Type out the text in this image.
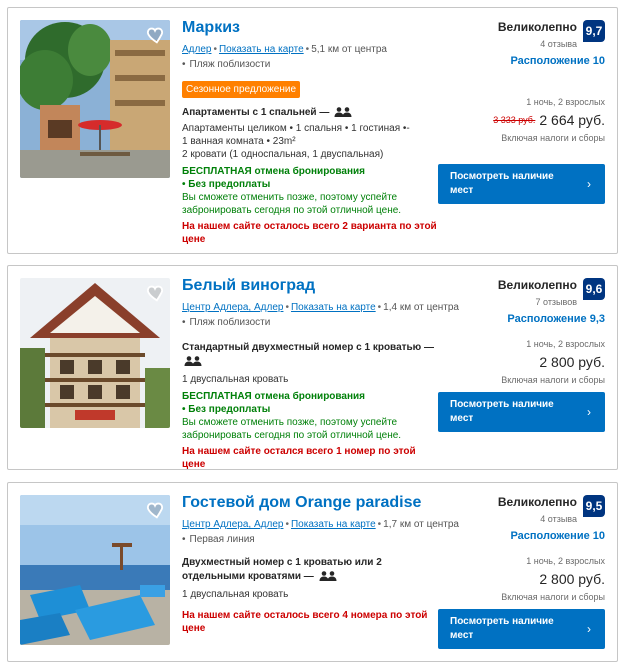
Маркиз
Адлер • Показать на карте • 5,1 км от центра
• Пляж поблизости
Сезонное предложение
Апартаменты с 1 спальней —
Апартаменты целиком • 1 спальня • 1 гостиная •-
1 ванная комната • 23m²
2 кровати (1 односпальная, 1 двуспальная)
БЕСПЛАТНАЯ отмена бронирования
• Без предоплаты
Вы сможете отменить позже, поэтому успейте забронировать сегодня по этой отличной цене.
На нашем сайте осталось всего 2 варианта по этой цене
Великолепно
4 отзыва
9,7
Расположение 10
1 ночь, 2 взрослых
3 333 руб. 2 664 руб.
Включая налоги и сборы
Посмотреть наличие мест	›
Белый виноград
Центр Адлера, Адлер • Показать на карте • 1,4 км от центра
• Пляж поблизости
Стандартный двухместный номер с 1 кроватью —
1 двуспальная кровать
БЕСПЛАТНАЯ отмена бронирования
• Без предоплаты
Вы сможете отменить позже, поэтому успейте забронировать сегодня по этой отличной цене.
На нашем сайте остался всего 1 номер по этой цене
Великолепно
7 отзывов
9,6
Расположение 9,3
1 ночь, 2 взрослых
2 800 руб.
Включая налоги и сборы
Посмотреть наличие мест	›
Гостевой дом Orange paradise
Центр Адлера, Адлер • Показать на карте • 1,7 км от центра
• Первая линия
Двухместный номер с 1 кроватью или 2 отдельными кроватями —
1 двуспальная кровать
На нашем сайте осталось всего 4 номера по этой цене
Великолепно
4 отзыва
9,5
Расположение 10
1 ночь, 2 взрослых
2 800 руб.
Включая налоги и сборы
Посмотреть наличие мест	›
